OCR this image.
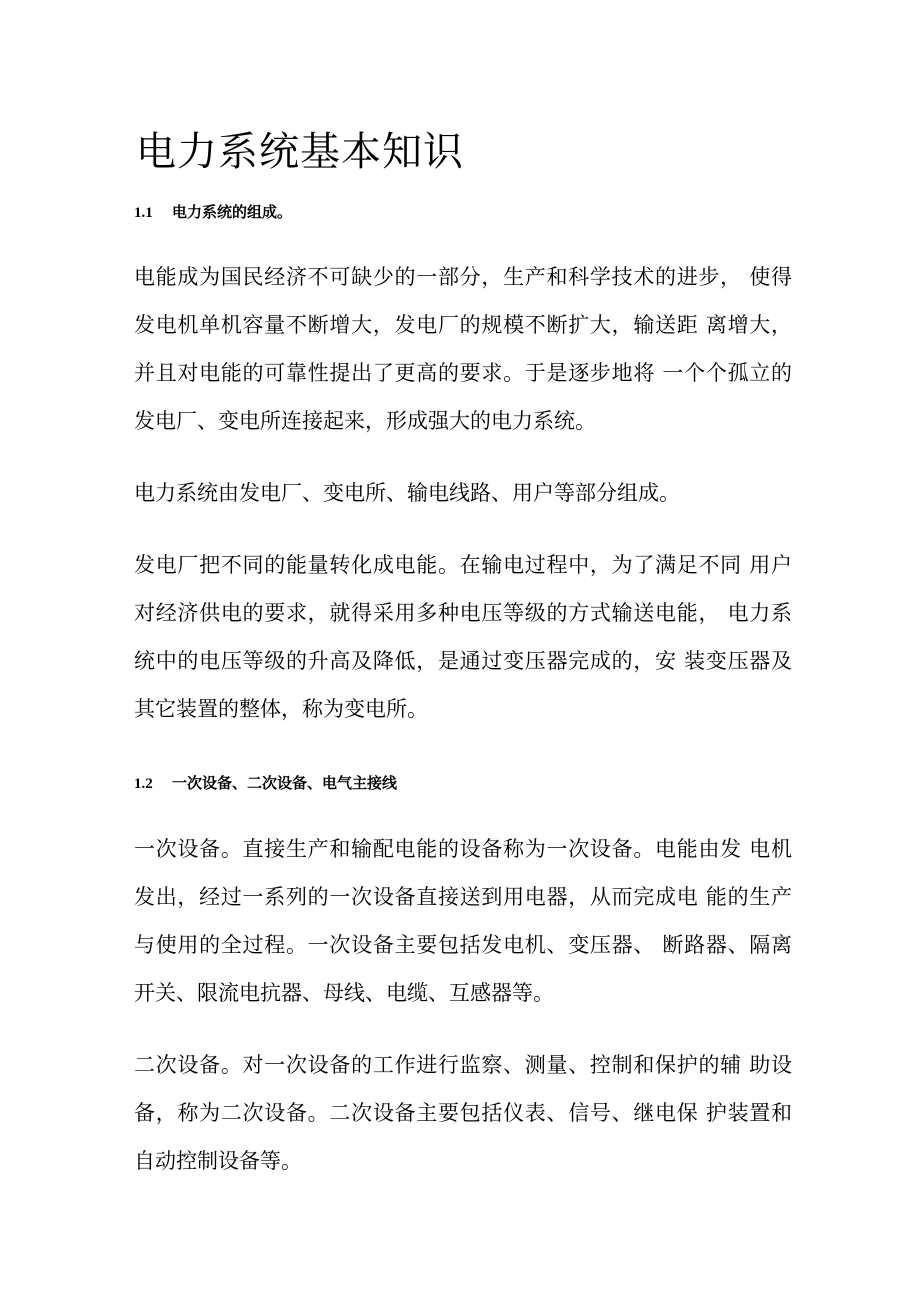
电力系统基本知识
1.1 电力系统的组成。
电能成为国民经济不可缺少的一部分，生产和科学技术的进步， 使得
发电机单机容量不断增大，发电厂的规模不断扩大，输送距 离增大，
并且对电能的可靠性提出了更高的要求。于是逐步地将 一个个孤立的
发电厂、变电所连接起来，形成强大的电力系统。
电力系统由发电厂、变电所、输电线路、用户等部分组成。
发电厂把不同的能量转化成电能。在输电过程中，为了满足不同 用户
对经济供电的要求，就得采用多种电压等级的方式输送电能， 电力系
统中的电压等级的升高及降低，是通过变压器完成的，安 装变压器及
其它装置的整体，称为变电所。
1.2 一次设备、二次设备、电气主接线
一次设备。直接生产和输配电能的设备称为一次设备。电能由发 电机
发出，经过一系列的一次设备直接送到用电器，从而完成电 能的生产
与使用的全过程。一次设备主要包括发电机、变压器、 断路器、隔离
开关、限流电抗器、母线、电缆、互感器等。
二次设备。对一次设备的工作进行监察、测量、控制和保护的辅 助设
备，称为二次设备。二次设备主要包括仪表、信号、继电保 护装置和
自动控制设备等。
